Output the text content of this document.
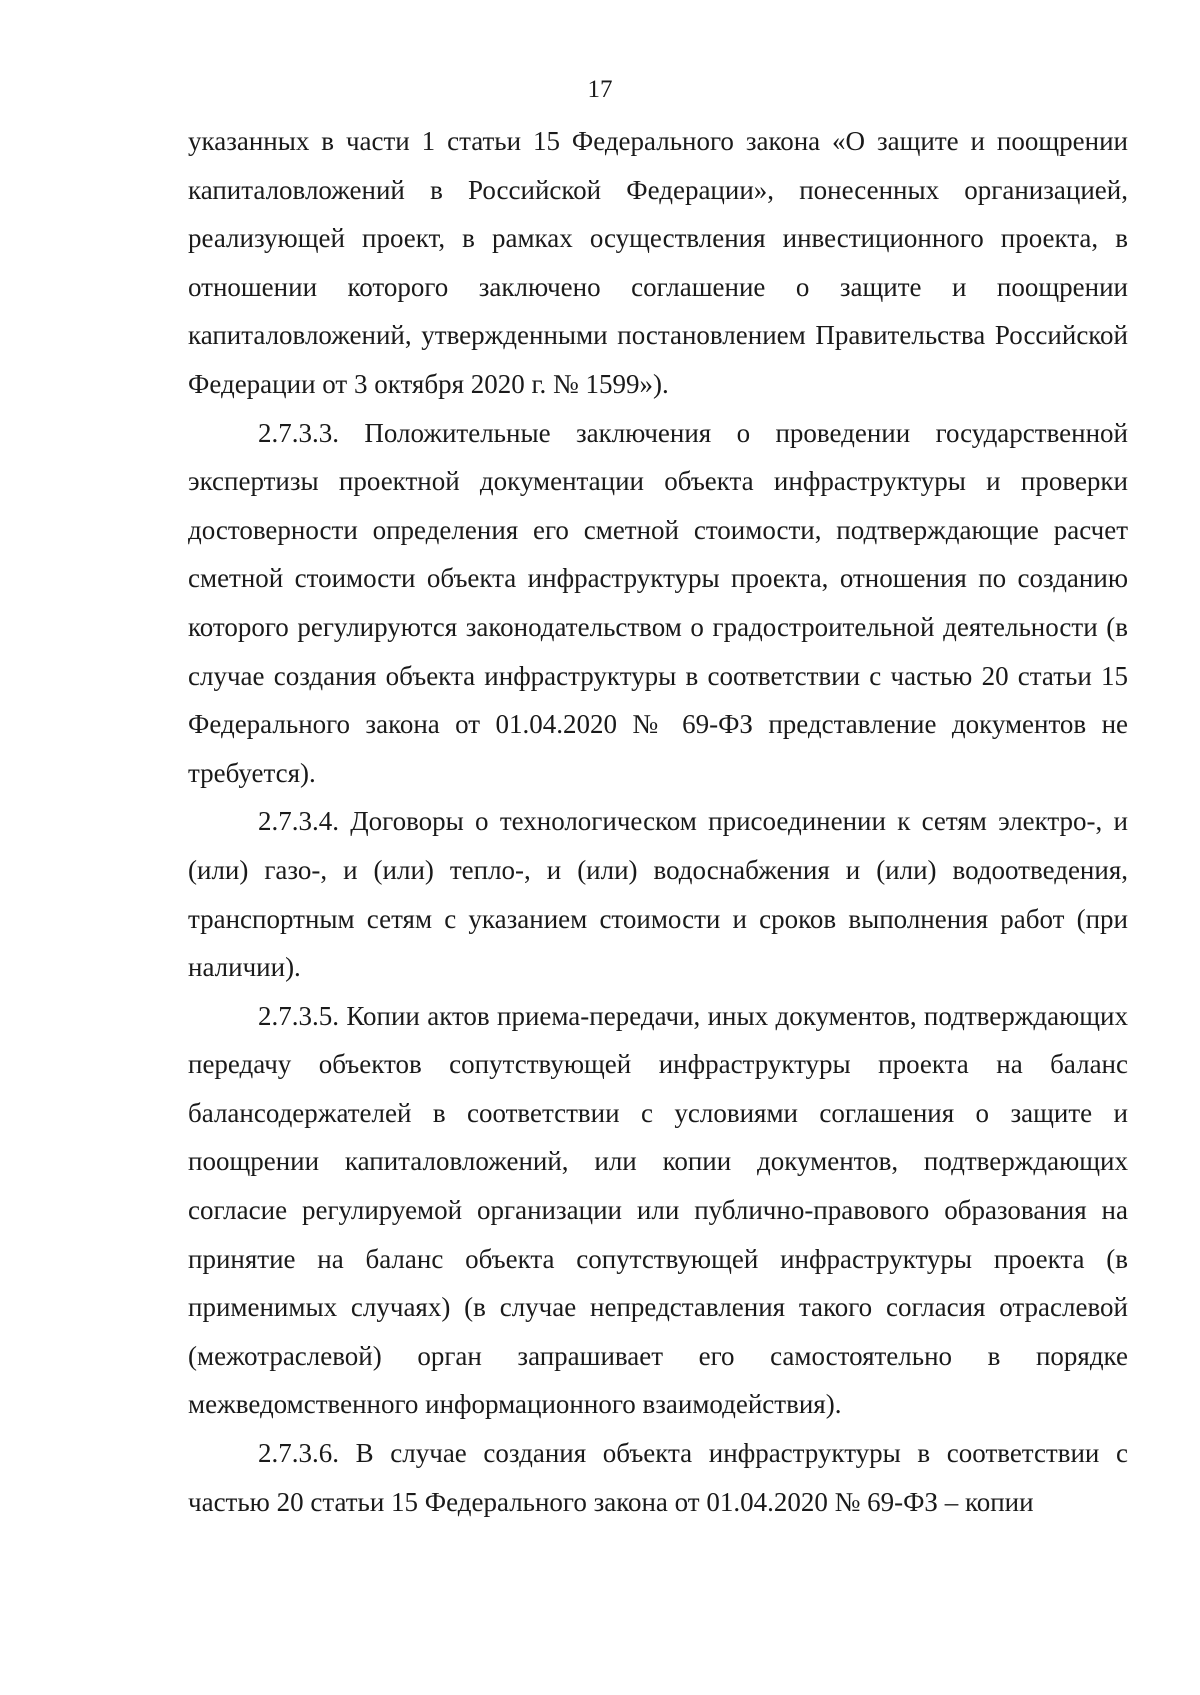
17

указанных в части 1 статьи 15 Федерального закона «О защите и поощрении капиталовложений в Российской Федерации», понесенных организацией, реализующей проект, в рамках осуществления инвестиционного проекта, в отношении которого заключено соглашение о защите и поощрении капиталовложений, утвержденными постановлением Правительства Российской Федерации от 3 октября 2020 г. № 1599»).

2.7.3.3. Положительные заключения о проведении государственной экспертизы проектной документации объекта инфраструктуры и проверки достоверности определения его сметной стоимости, подтверждающие расчет сметной стоимости объекта инфраструктуры проекта, отношения по созданию которого регулируются законодательством о градостроительной деятельности (в случае создания объекта инфраструктуры в соответствии с частью 20 статьи 15 Федерального закона от 01.04.2020 № 69-ФЗ представление документов не требуется).

2.7.3.4. Договоры о технологическом присоединении к сетям электро-, и (или) газо-, и (или) тепло-, и (или) водоснабжения и (или) водоотведения, транспортным сетям с указанием стоимости и сроков выполнения работ (при наличии).

2.7.3.5. Копии актов приема-передачи, иных документов, подтверждающих передачу объектов сопутствующей инфраструктуры проекта на баланс балансодержателей в соответствии с условиями соглашения о защите и поощрении капиталовложений, или копии документов, подтверждающих согласие регулируемой организации или публично-правового образования на принятие на баланс объекта сопутствующей инфраструктуры проекта (в применимых случаях) (в случае непредставления такого согласия отраслевой (межотраслевой) орган запрашивает его самостоятельно в порядке межведомственного информационного взаимодействия).

2.7.3.6. В случае создания объекта инфраструктуры в соответствии с частью 20 статьи 15 Федерального закона от 01.04.2020 № 69-ФЗ – копии
